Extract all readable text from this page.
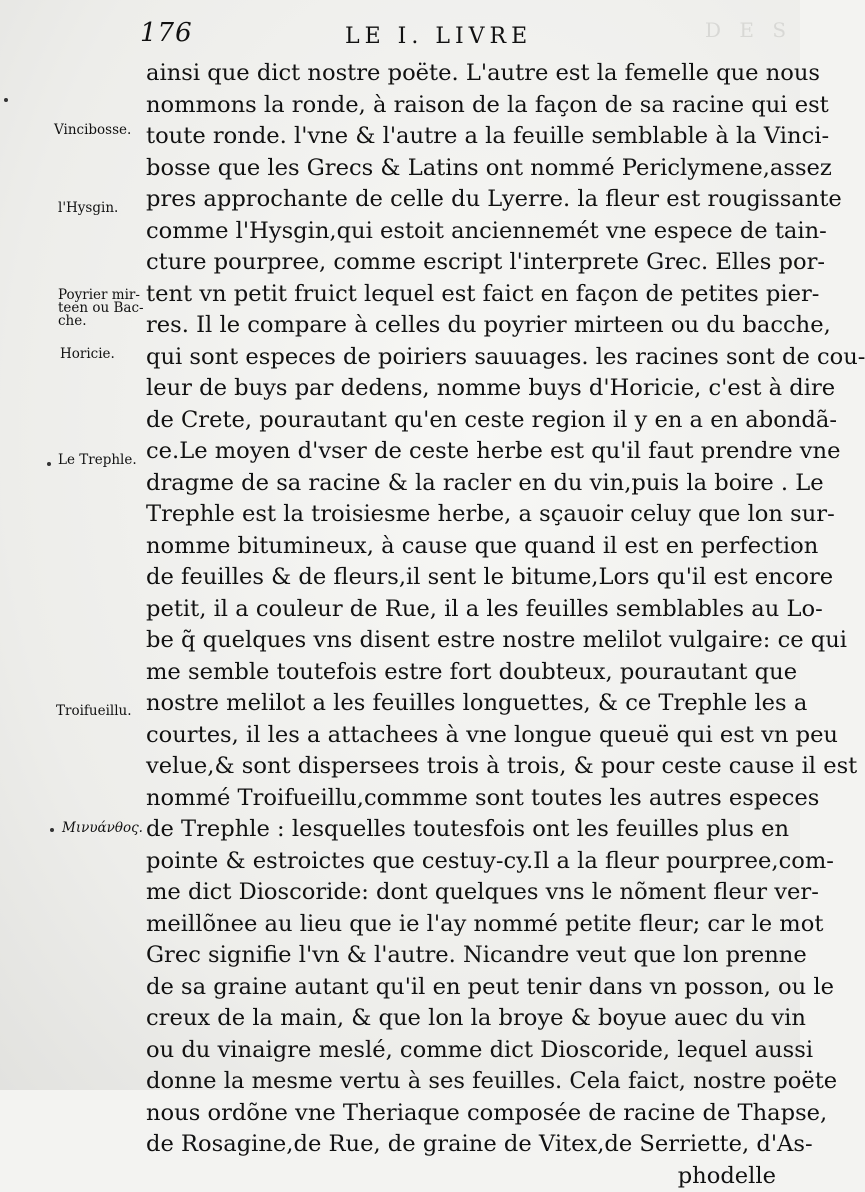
176	LE I. LIVRE	D E S
Vincibosse.
l'Hysgin.
Poyrier mir-
teen ou Bac-
che.
Horicie.
Le Trephle.
Troifueillu.
Μινυάνθος.
ainsi que dict nostre poëte. L'autre est la femelle que nous
nommons la ronde, à raison de la façon de sa racine qui est
toute ronde. l'vne & l'autre a la feuille semblable à la Vinci-
bosse que les Grecs & Latins ont nommé Periclymene,assez
pres approchante de celle du Lyerre. la fleur est rougissante
comme l'Hysgin,qui estoit anciennemét vne espece de tain-
cture pourpree, comme escript l'interprete Grec. Elles por-
tent vn petit fruict lequel est faict en façon de petites pier-
res. Il le compare à celles du poyrier mirteen ou du bacche,
qui sont especes de poiriers sauuages. les racines sont de cou-
leur de buys par dedens, nomme buys d'Horicie, c'est à dire
de Crete, pourautant qu'en ceste region il y en a en abondã-
ce.Le moyen d'vser de ceste herbe est qu'il faut prendre vne
dragme de sa racine & la racler en du vin,puis la boire . Le
Trephle est la troisiesme herbe, a sçauoir celuy que lon sur-
nomme bitumineux, à cause que quand il est en perfection
de feuilles & de fleurs,il sent le bitume,Lors qu'il est encore
petit, il a couleur de Rue, il a les feuilles semblables au Lo-
be q̃ quelques vns disent estre nostre melilot vulgaire: ce qui
me semble toutefois estre fort doubteux, pourautant que
nostre melilot a les feuilles longuettes, & ce Trephle les a
courtes, il les a attachees à vne longue queuë qui est vn peu
velue,& sont dispersees trois à trois, & pour ceste cause il est
nommé Troifueillu,commme sont toutes les autres especes
de Trephle : lesquelles toutesfois ont les feuilles plus en
pointe & estroictes que cestuy-cy.Il a la fleur pourpree,com-
me dict Dioscoride: dont quelques vns le nõment fleur ver-
meillõnee au lieu que ie l'ay nommé petite fleur; car le mot
Grec signifie l'vn & l'autre. Nicandre veut que lon prenne
de sa graine autant qu'il en peut tenir dans vn posson, ou le
creux de la main, & que lon la broye & boyue auec du vin
ou du vinaigre meslé, comme dict Dioscoride, lequel aussi
donne la mesme vertu à ses feuilles. Cela faict, nostre poëte
nous ordõne vne Theriaque composée de racine de Thapse,
de Rosagine,de Rue, de graine de Vitex,de Serriette, d'As-
phodelle
